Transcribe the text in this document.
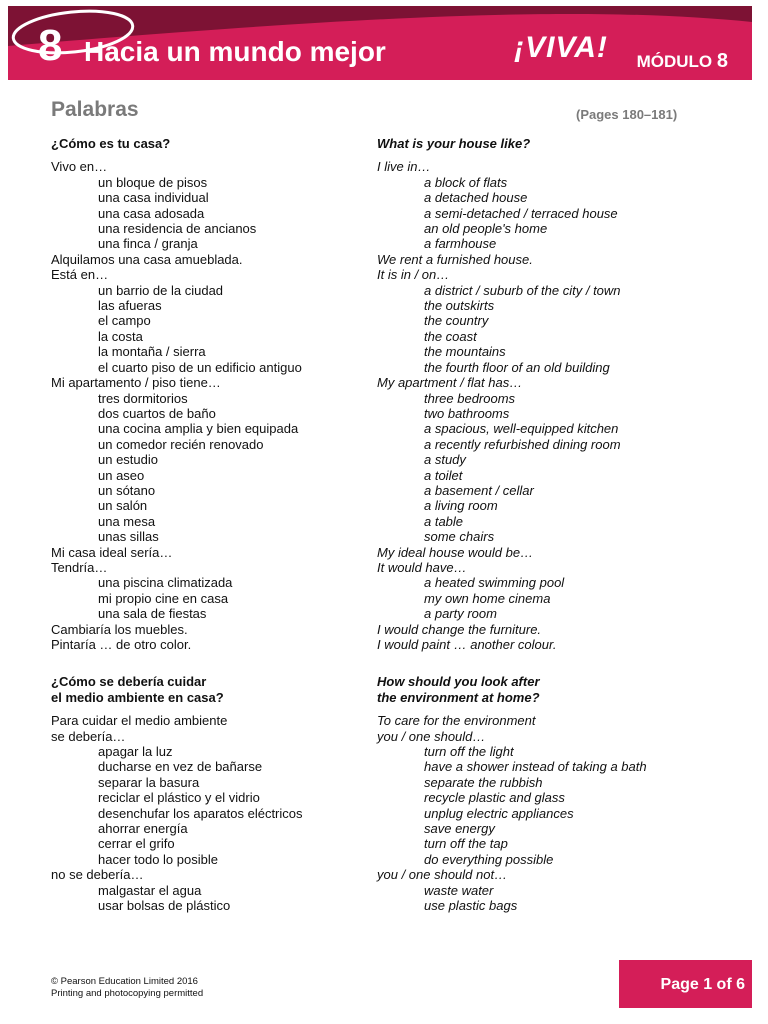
8 Hacia un mundo mejor	¡VIVA!	MÓDULO 8
Palabras	(Pages 180–181)
¿Cómo es tu casa?
Vivo en…
un bloque de pisos
una casa individual
una casa adosada
una residencia de ancianos
una finca / granja
Alquilamos una casa amueblada.
Está en…
un barrio de la ciudad
las afueras
el campo
la costa
la montaña / sierra
el cuarto piso de un edificio antiguo
Mi apartamento / piso tiene…
tres dormitorios
dos cuartos de baño
una cocina amplia y bien equipada
un comedor recién renovado
un estudio
un aseo
un sótano
un salón
una mesa
unas sillas
Mi casa ideal sería…
Tendría…
una piscina climatizada
mi propio cine en casa
una sala de fiestas
Cambiaría los muebles.
Pintaría … de otro color.
¿Cómo se debería cuidar
el medio ambiente en casa?
Para cuidar el medio ambiente
se debería…
apagar la luz
ducharse en vez de bañarse
separar la basura
reciclar el plástico y el vidrio
desenchufar los aparatos eléctricos
ahorrar energía
cerrar el grifo
hacer todo lo posible
no se debería…
malgastar el agua
usar bolsas de plástico
What is your house like?
I live in…
a block of flats
a detached house
a semi-detached / terraced house
an old people's home
a farmhouse
We rent a furnished house.
It is in / on…
a district / suburb of the city / town
the outskirts
the country
the coast
the mountains
the fourth floor of an old building
My apartment / flat has…
three bedrooms
two bathrooms
a spacious, well-equipped kitchen
a recently refurbished dining room
a study
a toilet
a basement / cellar
a living room
a table
some chairs
My ideal house would be…
It would have…
a heated swimming pool
my own home cinema
a party room
I would change the furniture.
I would paint … another colour.
How should you look after
the environment at home?
To care for the environment
you / one should…
turn off the light
have a shower instead of taking a bath
separate the rubbish
recycle plastic and glass
unplug electric appliances
save energy
turn off the tap
do everything possible
you / one should not…
waste water
use plastic bags
© Pearson Education Limited 2016
Printing and photocopying permitted
Page 1 of 6
